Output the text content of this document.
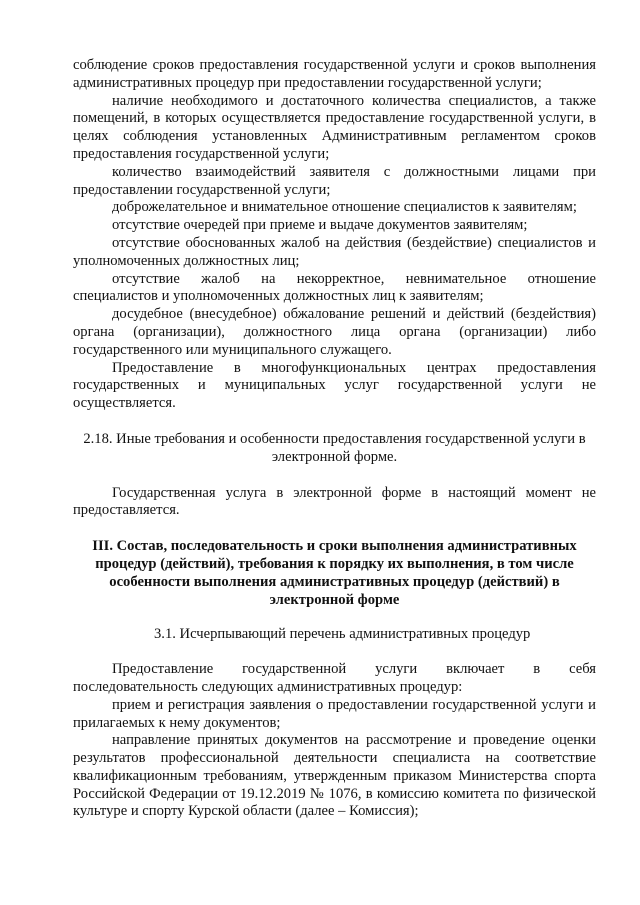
соблюдение сроков предоставления государственной услуги и сроков выполнения административных процедур при предоставлении государственной услуги;

наличие необходимого и достаточного количества специалистов, а также помещений, в которых осуществляется предоставление государственной услуги, в целях соблюдения установленных Административным регламентом сроков предоставления государственной услуги;

количество взаимодействий заявителя с должностными лицами при предоставлении государственной услуги;

доброжелательное и внимательное отношение специалистов к заявителям;

отсутствие очередей при приеме и выдаче документов заявителям;

отсутствие обоснованных жалоб на действия (бездействие) специалистов и уполномоченных должностных лиц;

отсутствие жалоб на некорректное, невнимательное отношение специалистов и уполномоченных должностных лиц к заявителям;

досудебное (внесудебное) обжалование решений и действий (бездействия) органа (организации), должностного лица органа (организации) либо государственного или муниципального служащего.

Предоставление в многофункциональных центрах предоставления государственных и муниципальных услуг государственной услуги не осуществляется.

2.18. Иные требования и особенности предоставления государственной услуги в электронной форме.

Государственная услуга в электронной форме в настоящий момент не предоставляется.

III. Состав, последовательность и сроки выполнения административных процедур (действий), требования к порядку их выполнения, в том числе особенности выполнения административных процедур (действий) в электронной форме

3.1. Исчерпывающий перечень административных процедур

Предоставление государственной услуги включает в себя последовательность следующих административных процедур:

прием и регистрация заявления о предоставлении государственной услуги и прилагаемых к нему документов;

направление принятых документов на рассмотрение и проведение оценки результатов профессиональной деятельности специалиста на соответствие квалификационным требованиям, утвержденным приказом Министерства спорта Российской Федерации от 19.12.2019 № 1076, в комиссию комитета по физической культуре и спорту Курской области (далее – Комиссия);
